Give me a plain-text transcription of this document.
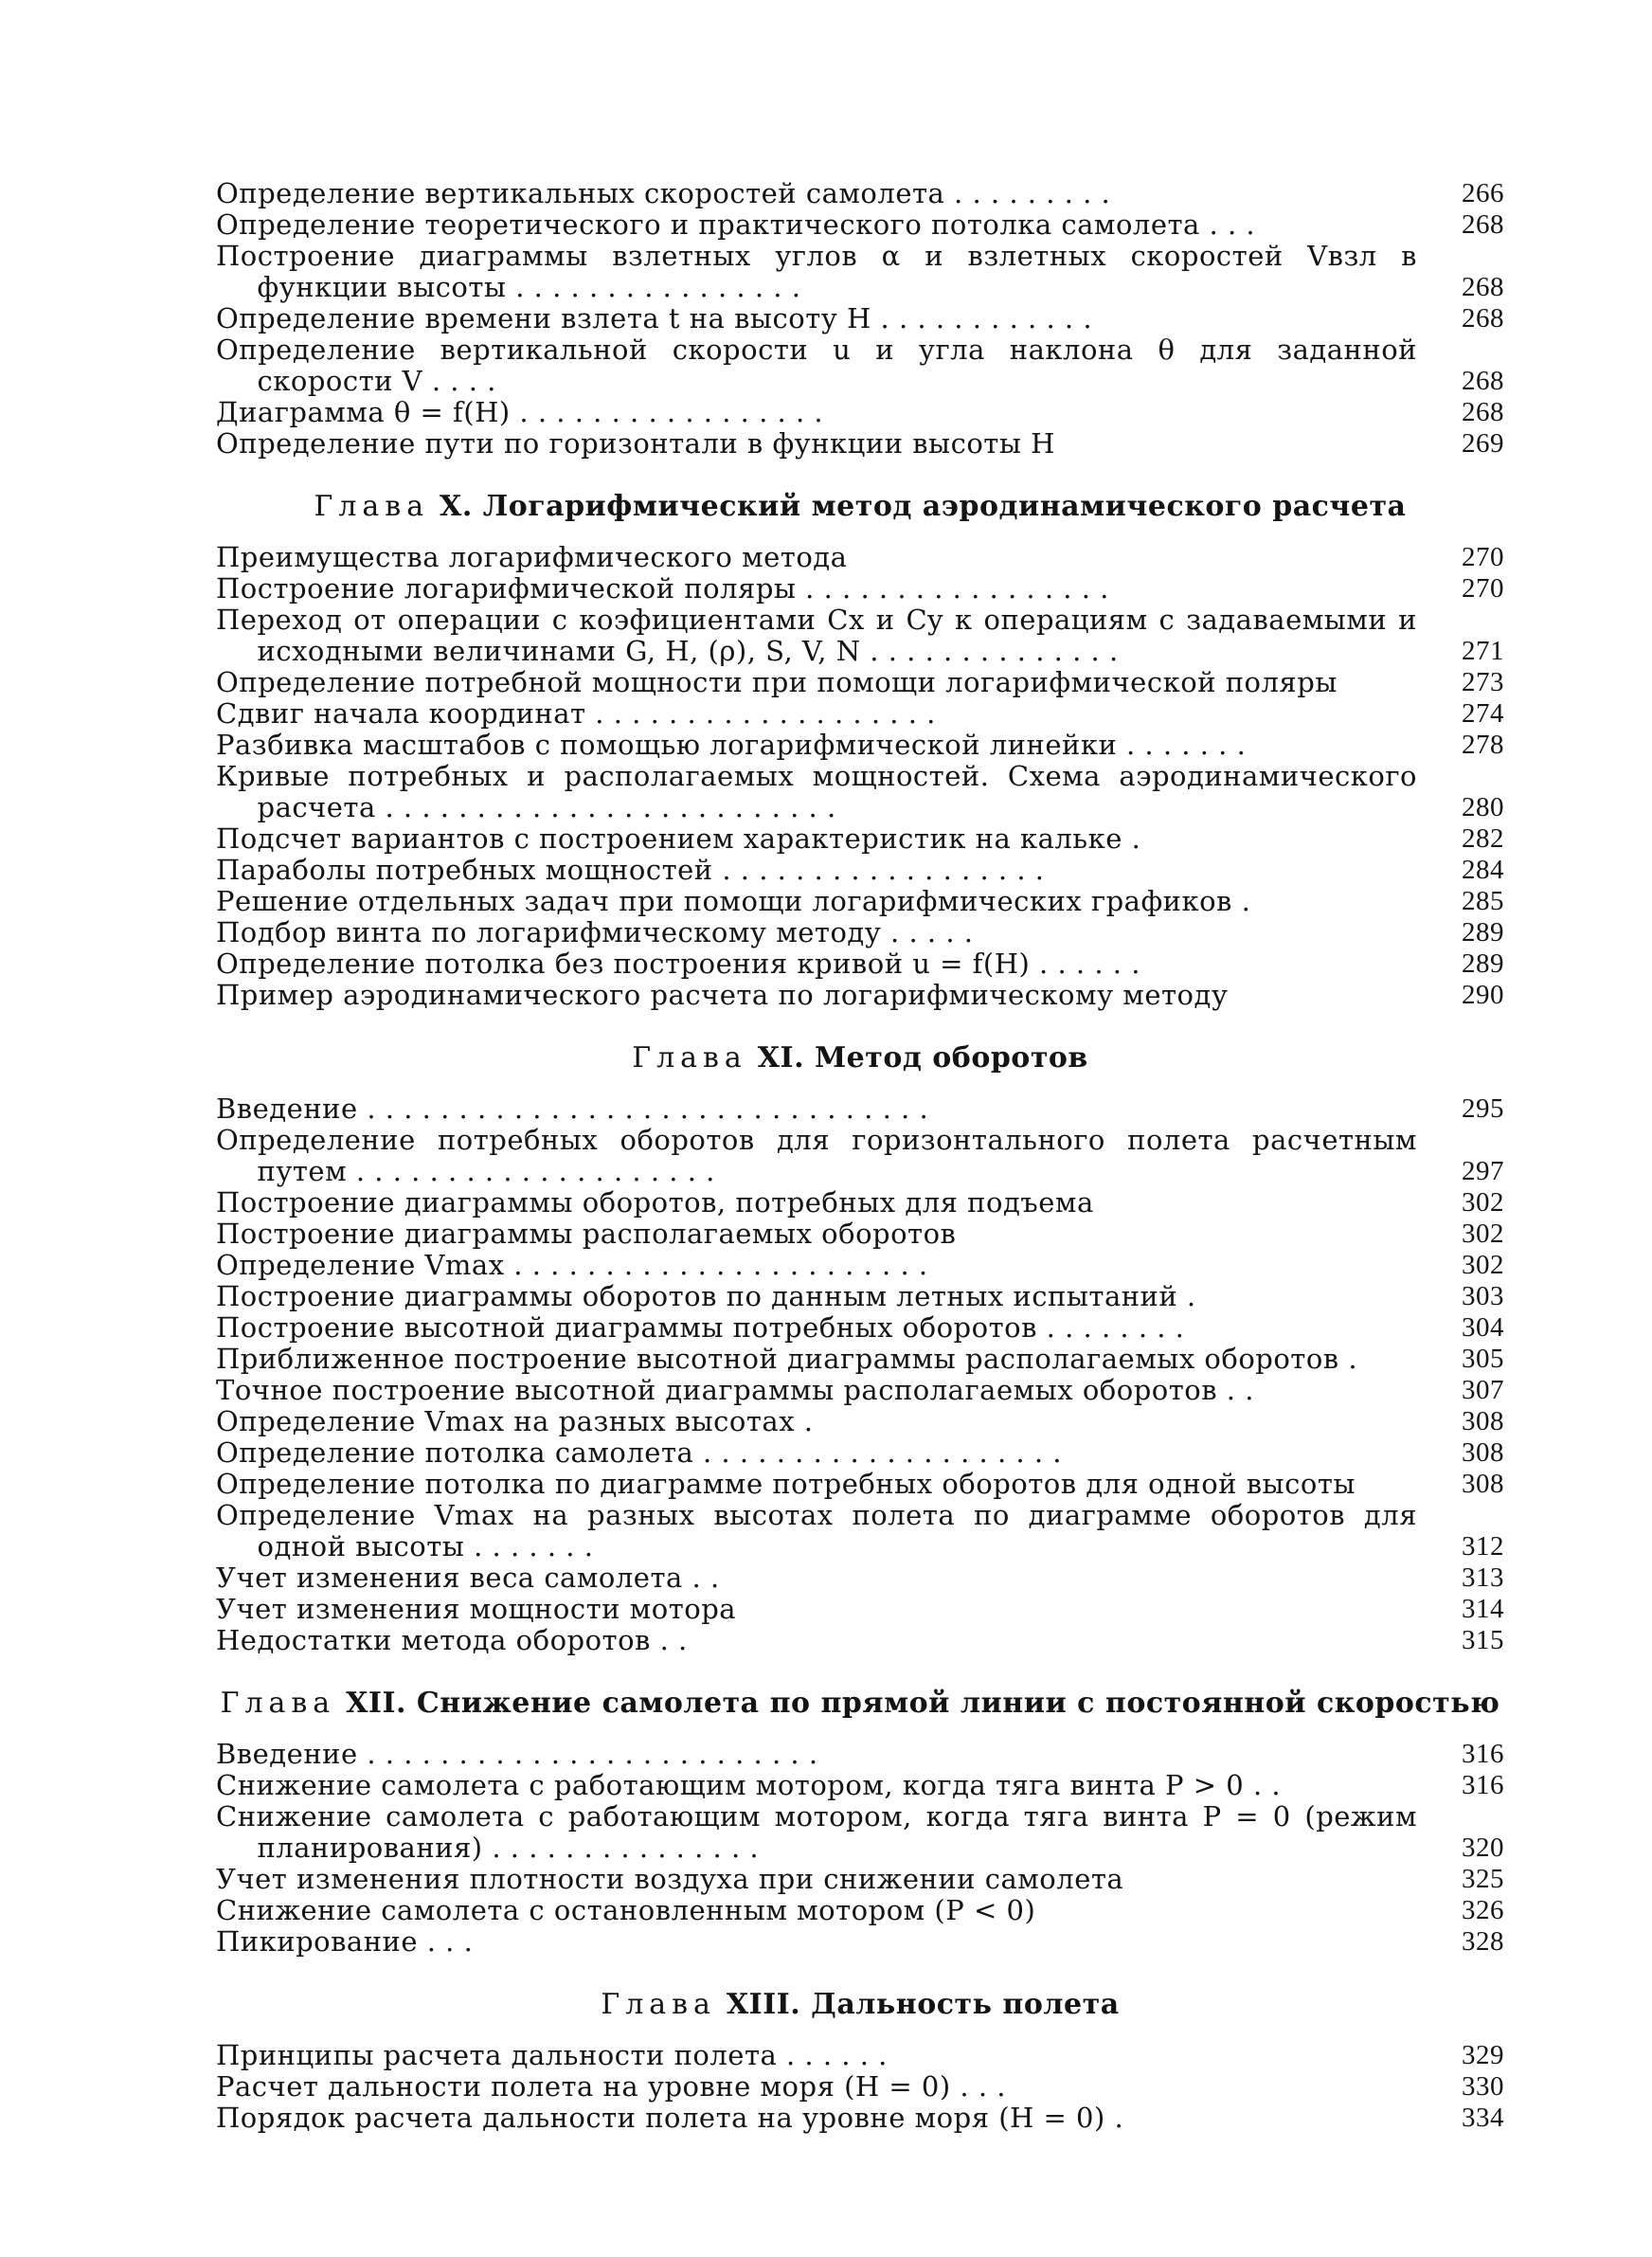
Определение вертикальных скоростей самолета . . . . . . . . .	266
Определение теоретического и практического потолка самолета . . .	268
Построение диаграммы взлетных углов α и взлетных скоростей Vвзл в функции высоты . . . . . . . . . . . . . . . .	268
Определение времени взлета t на высоту H . . . . . . . . . . . .	268
Определение вертикальной скорости u и угла наклона θ для заданной скорости V . . . .	268
Диаграмма θ = f(H) . . . . . . . . . . . . . . . . .	268
Определение пути по горизонтали в функции высоты H	269
Глава X. Логарифмический метод аэродинамического расчета
Преимущества логарифмического метода	270
Построение логарифмической поляры . . . . . . . . . . . . . . . . .	270
Переход от операции с коэфициентами Cx и Cy к операциям с задаваемыми и исходными величинами G, H, (ρ), S, V, N . . . . . . . . . . . . . .	271
Определение потребной мощности при помощи логарифмической поляры	273
Сдвиг начала координат . . . . . . . . . . . . . . . . . . .	274
Разбивка масштабов с помощью логарифмической линейки . . . . . . .	278
Кривые потребных и располагаемых мощностей. Схема аэродинамического расчета . . . . . . . . . . . . . . . . . . . . . . . . .	280
Подсчет вариантов с построением характеристик на кальке .	282
Параболы потребных мощностей . . . . . . . . . . . . . . . . . .	284
Решение отдельных задач при помощи логарифмических графиков .	285
Подбор винта по логарифмическому методу . . . . .	289
Определение потолка без построения кривой u = f(H) . . . . . .	289
Пример аэродинамического расчета по логарифмическому методу	290
Глава XI. Метод оборотов
Введение . . . . . . . . . . . . . . . . . . . . . . . . . . . . . . .	295
Определение потребных оборотов для горизонтального полета расчетным путем . . . . . . . . . . . . . . . . . . . .	297
Построение диаграммы оборотов, потребных для подъема	302
Построение диаграммы располагаемых оборотов	302
Определение Vmax . . . . . . . . . . . . . . . . . . . . . . .	302
Построение диаграммы оборотов по данным летных испытаний .	303
Построение высотной диаграммы потребных оборотов . . . . . . . .	304
Приближенное построение высотной диаграммы располагаемых оборотов .	305
Точное построение высотной диаграммы располагаемых оборотов . .	307
Определение Vmax на разных высотах .	308
Определение потолка самолета . . . . . . . . . . . . . . . . . . . .	308
Определение потолка по диаграмме потребных оборотов для одной высоты	308
Определение Vmax на разных высотах полета по диаграмме оборотов для одной высоты . . . . . . .	312
Учет изменения веса самолета . .	313
Учет изменения мощности мотора	314
Недостатки метода оборотов . .	315
Глава XII. Снижение самолета по прямой линии с постоянной скоростью
Введение . . . . . . . . . . . . . . . . . . . . . . . . .	316
Снижение самолета с работающим мотором, когда тяга винта P > 0 . .	316
Снижение самолета с работающим мотором, когда тяга винта P = 0 (режим планирования) . . . . . . . . . . . . . . .	320
Учет изменения плотности воздуха при снижении самолета	325
Снижение самолета с остановленным мотором (P < 0)	326
Пикирование . . .	328
Глава XIII. Дальность полета
Принципы расчета дальности полета . . . . . .	329
Расчет дальности полета на уровне моря (H = 0) . . .	330
Порядок расчета дальности полета на уровне моря (H = 0) .	334
